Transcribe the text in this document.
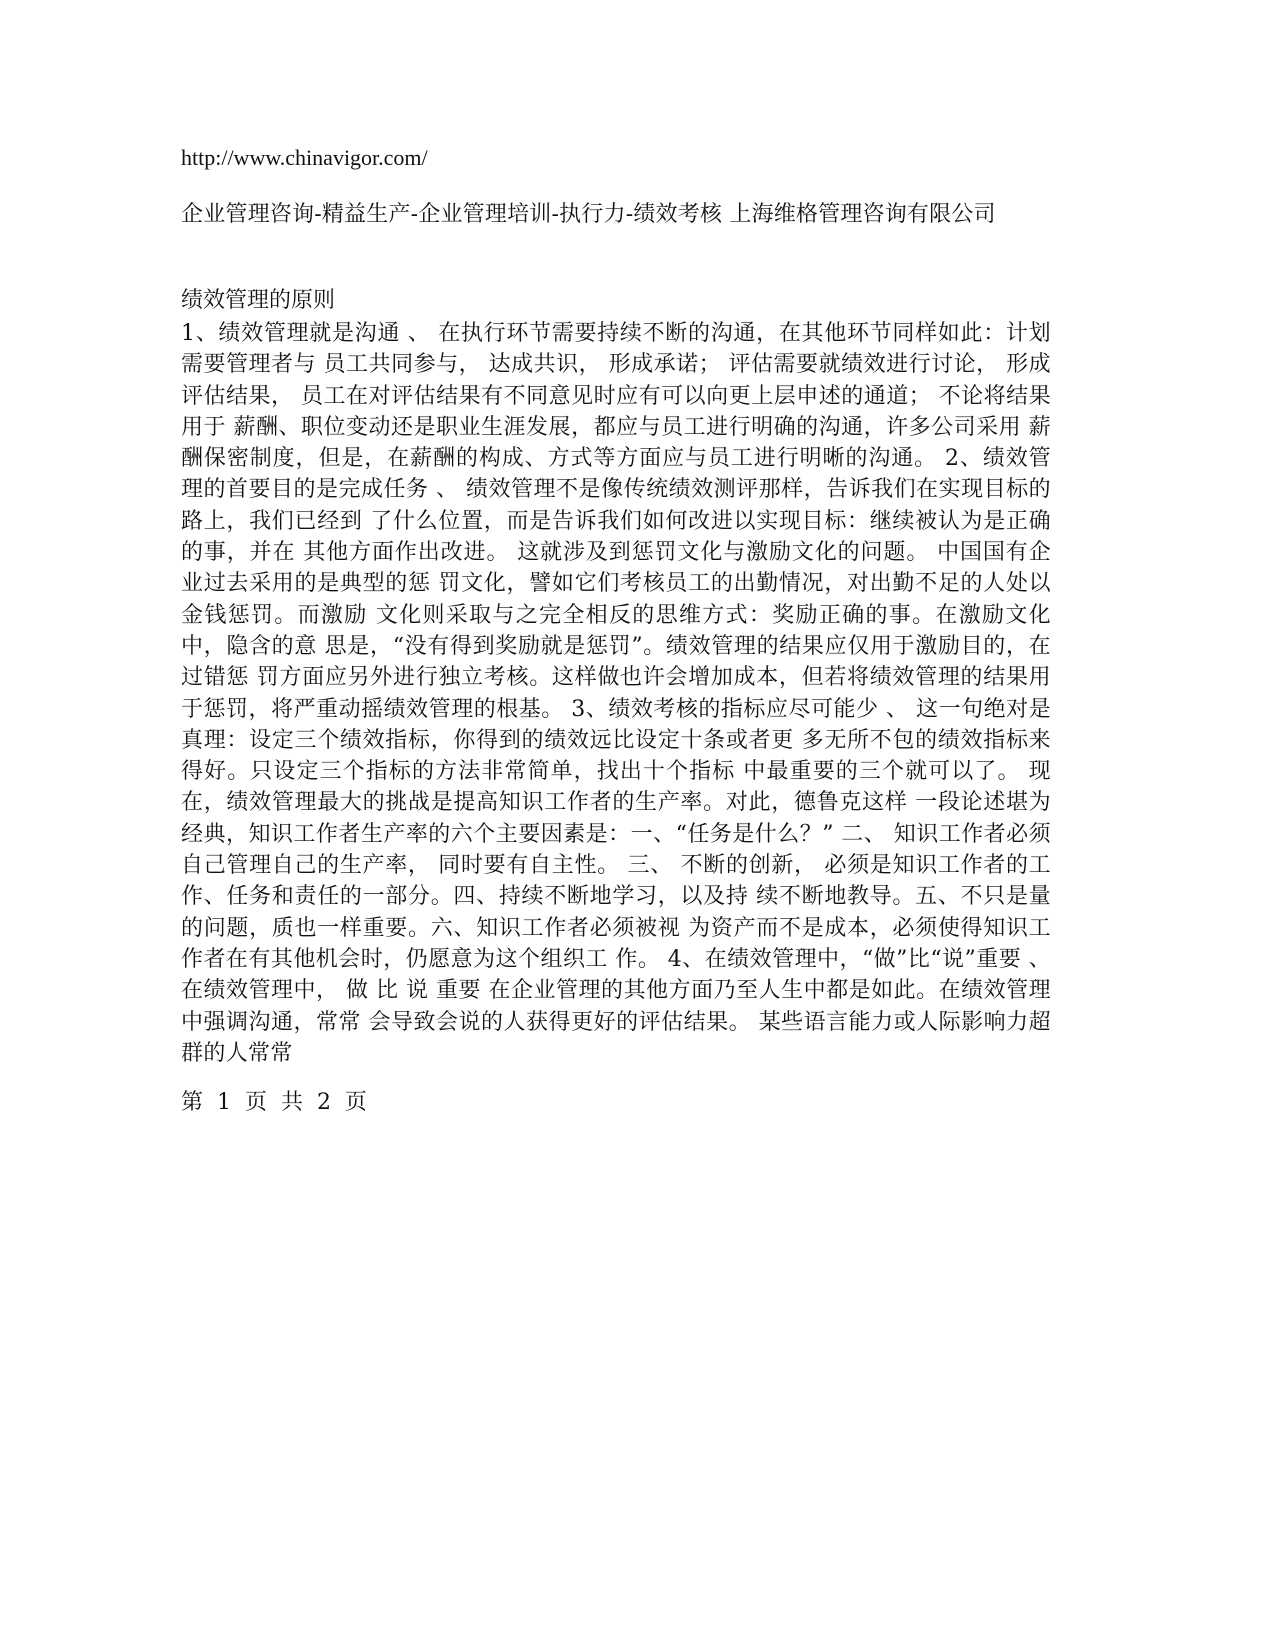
http://www.chinavigor.com/
企业管理咨询-精益生产-企业管理培训-执行力-绩效考核 上海维格管理咨询有限公司
绩效管理的原则
1、绩效管理就是沟通 、 在执行环节需要持续不断的沟通，在其他环节同样如此：计划需要管理者与 员工共同参与， 达成共识， 形成承诺； 评估需要就绩效进行讨论， 形成评估结果， 员工在对评估结果有不同意见时应有可以向更上层申述的通道； 不论将结果用于 薪酬、职位变动还是职业生涯发展，都应与员工进行明确的沟通，许多公司采用 薪酬保密制度，但是，在薪酬的构成、方式等方面应与员工进行明晰的沟通。 2、绩效管理的首要目的是完成任务 、 绩效管理不是像传统绩效测评那样，告诉我们在实现目标的路上，我们已经到 了什么位置，而是告诉我们如何改进以实现目标：继续被认为是正确的事，并在 其他方面作出改进。 这就涉及到惩罚文化与激励文化的问题。 中国国有企业过去采用的是典型的惩 罚文化，譬如它们考核员工的出勤情况，对出勤不足的人处以金钱惩罚。而激励 文化则采取与之完全相反的思维方式：奖励正确的事。在激励文化中，隐含的意 思是，“没有得到奖励就是惩罚”。绩效管理的结果应仅用于激励目的，在过错惩 罚方面应另外进行独立考核。这样做也许会增加成本，但若将绩效管理的结果用 于惩罚，将严重动摇绩效管理的根基。 3、绩效考核的指标应尽可能少 、 这一句绝对是真理：设定三个绩效指标，你得到的绩效远比设定十条或者更 多无所不包的绩效指标来得好。只设定三个指标的方法非常简单，找出十个指标 中最重要的三个就可以了。 现在，绩效管理最大的挑战是提高知识工作者的生产率。对此，德鲁克这样 一段论述堪为经典，知识工作者生产率的六个主要因素是：一、“任务是什么？” 二、 知识工作者必须自己管理自己的生产率， 同时要有自主性。 三、 不断的创新， 必须是知识工作者的工作、任务和责任的一部分。四、持续不断地学习，以及持 续不断地教导。五、不只是量的问题，质也一样重要。六、知识工作者必须被视 为资产而不是成本，必须使得知识工作者在有其他机会时，仍愿意为这个组织工 作。 4、在绩效管理中，“做”比“说”重要 、在绩效管理中， 做 比 说 重要 在企业管理的其他方面乃至人生中都是如此。在绩效管理中强调沟通，常常 会导致会说的人获得更好的评估结果。 某些语言能力或人际影响力超群的人常常
第  1  页  共  2  页
